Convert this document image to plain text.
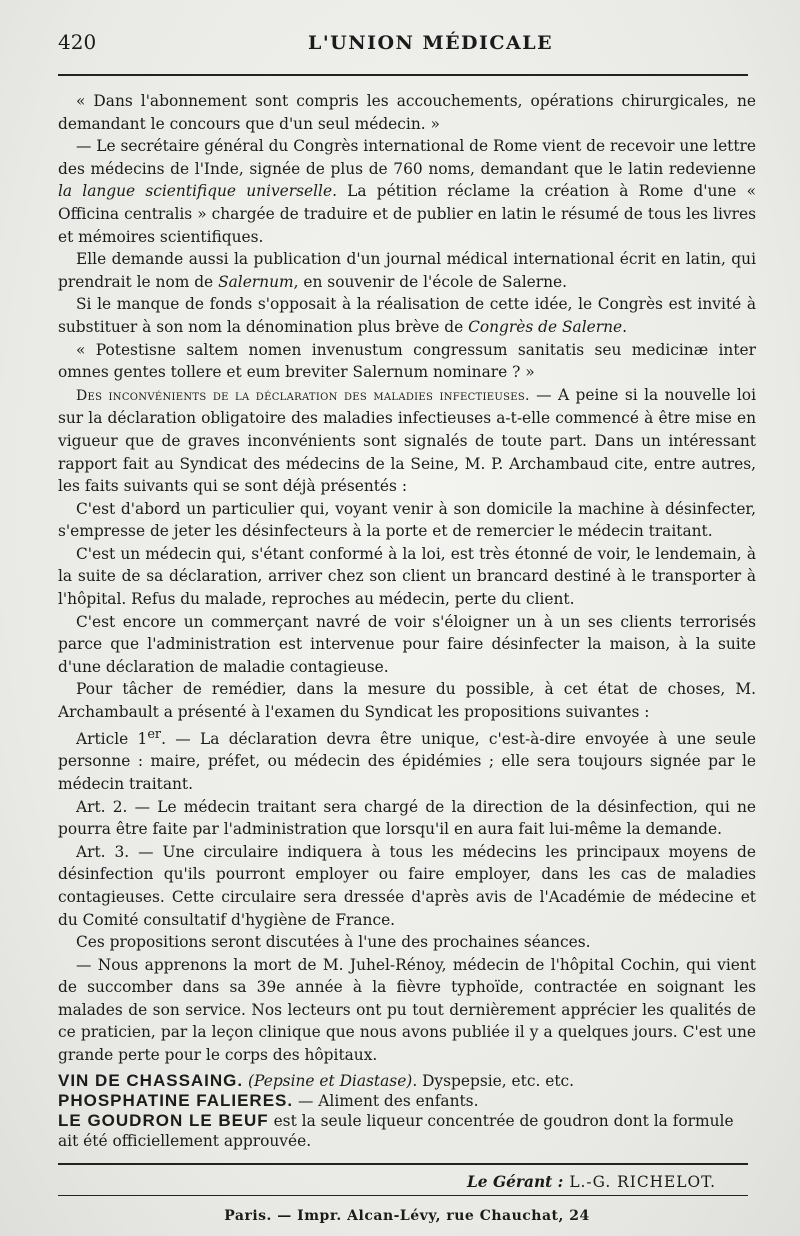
420	L'UNION MÉDICALE

« Dans l'abonnement sont compris les accouchements, opérations chirurgicales, ne demandant le concours que d'un seul médecin. »

— Le secrétaire général du Congrès international de Rome vient de recevoir une lettre des médecins de l'Inde, signée de plus de 760 noms, demandant que le latin redevienne la langue scientifique universelle. La pétition réclame la création à Rome d'une « Officina centralis » chargée de traduire et de publier en latin le résumé de tous les livres et mémoires scientifiques.

Elle demande aussi la publication d'un journal médical international écrit en latin, qui prendrait le nom de Salernum, en souvenir de l'école de Salerne.

Si le manque de fonds s'opposait à la réalisation de cette idée, le Congrès est invité à substituer à son nom la dénomination plus brève de Congrès de Salerne.

« Potestisne saltem nomen invenustum congressum sanitatis seu medicinæ inter omnes gentes tollere et eum breviter Salernum nominare ? »

Des inconvénients de la déclaration des maladies infectieuses. — A peine si la nouvelle loi sur la déclaration obligatoire des maladies infectieuses a-t-elle commencé à être mise en vigueur que de graves inconvénients sont signalés de toute part. Dans un intéressant rapport fait au Syndicat des médecins de la Seine, M. P. Archambaud cite, entre autres, les faits suivants qui se sont déjà présentés :

C'est d'abord un particulier qui, voyant venir à son domicile la machine à désinfecter, s'empresse de jeter les désinfecteurs à la porte et de remercier le médecin traitant.

C'est un médecin qui, s'étant conformé à la loi, est très étonné de voir, le lendemain, à la suite de sa déclaration, arriver chez son client un brancard destiné à le transporter à l'hôpital. Refus du malade, reproches au médecin, perte du client.

C'est encore un commerçant navré de voir s'éloigner un à un ses clients terrorisés parce que l'administration est intervenue pour faire désinfecter la maison, à la suite d'une déclaration de maladie contagieuse.

Pour tâcher de remédier, dans la mesure du possible, à cet état de choses, M. Archambault a présenté à l'examen du Syndicat les propositions suivantes :

Article 1er. — La déclaration devra être unique, c'est-à-dire envoyée à une seule personne : maire, préfet, ou médecin des épidémies ; elle sera toujours signée par le médecin traitant.

Art. 2. — Le médecin traitant sera chargé de la direction de la désinfection, qui ne pourra être faite par l'administration que lorsqu'il en aura fait lui-même la demande.

Art. 3. — Une circulaire indiquera à tous les médecins les principaux moyens de désinfection qu'ils pourront employer ou faire employer, dans les cas de maladies contagieuses. Cette circulaire sera dressée d'après avis de l'Académie de médecine et du Comité consultatif d'hygiène de France.

Ces propositions seront discutées à l'une des prochaines séances.

— Nous apprenons la mort de M. Juhel-Rénoy, médecin de l'hôpital Cochin, qui vient de succomber dans sa 39e année à la fièvre typhoïde, contractée en soignant les malades de son service. Nos lecteurs ont pu tout dernièrement apprécier les qualités de ce praticien, par la leçon clinique que nous avons publiée il y a quelques jours. C'est une grande perte pour le corps des hôpitaux.

VIN DE CHASSAING. (Pepsine et Diastase). Dyspepsie, etc. etc.
PHOSPHATINE FALIERES. — Aliment des enfants.
LE GOUDRON LE BEUF est la seule liqueur concentrée de goudron dont la formule ait été officiellement approuvée.
Le Gérant : L.-G. RICHELOT.
Paris. — Impr. Alcan-Lévy, rue Chauchat, 24
